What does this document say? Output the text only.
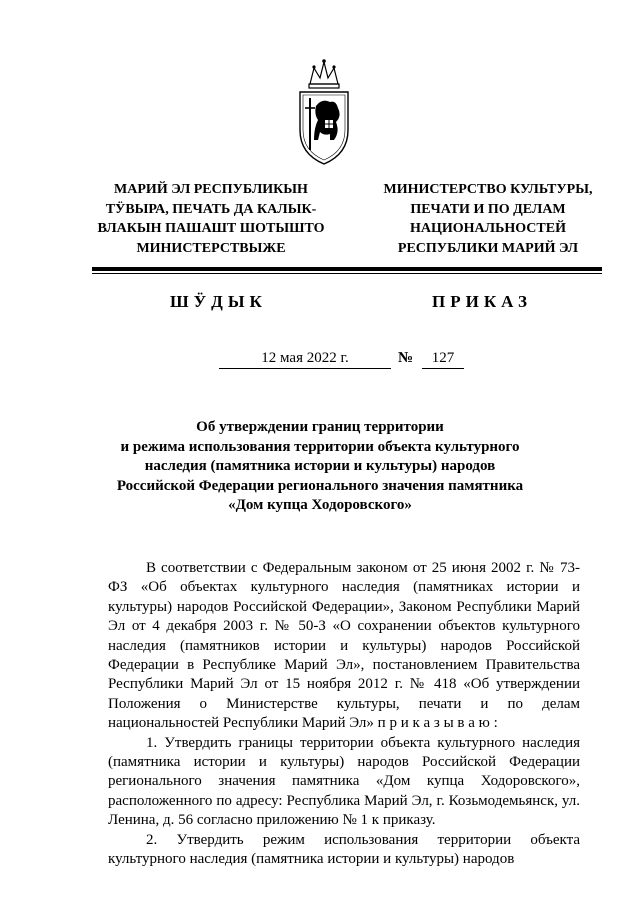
МАРИЙ ЭЛ РЕСПУБЛИКЫН
ТӰВЫРА, ПЕЧАТЬ ДА КАЛЫК-
ВЛАКЫН ПАШАШТ ШОТЫШТО
МИНИСТЕРСТВЫЖЕ
МИНИСТЕРСТВО КУЛЬТУРЫ,
ПЕЧАТИ И ПО ДЕЛАМ
НАЦИОНАЛЬНОСТЕЙ
РЕСПУБЛИКИ МАРИЙ ЭЛ
ШӰДЫК	ПРИКАЗ
12 мая 2022 г.	№	127
Об утверждении границ территории
и режима использования территории объекта культурного
наследия (памятника истории и культуры) народов
Российской Федерации регионального значения памятника
«Дом купца Ходоровского»

В соответствии с Федеральным законом от 25 июня 2002 г. № 73-ФЗ «Об объектах культурного наследия (памятниках истории и культуры) народов Российской Федерации», Законом Республики Марий Эл от 4 декабря 2003 г. № 50-З «О сохранении объектов культурного наследия (памятников истории и культуры) народов Российской Федерации в Республике Марий Эл», постановлением Правительства Республики Марий Эл от 15 ноября 2012 г. № 418 «Об утверждении Положения о Министерстве культуры, печати и по делам национальностей Республики Марий Эл» п р и к а з ы в а ю :

1. Утвердить границы территории объекта культурного наследия (памятника истории и культуры) народов Российской Федерации регионального значения памятника «Дом купца Ходоровского», расположенного по адресу: Республика Марий Эл, г. Козьмодемьянск, ул. Ленина, д. 56 согласно приложению № 1 к приказу.

2. Утвердить режим использования территории объекта культурного наследия (памятника истории и культуры) народов
